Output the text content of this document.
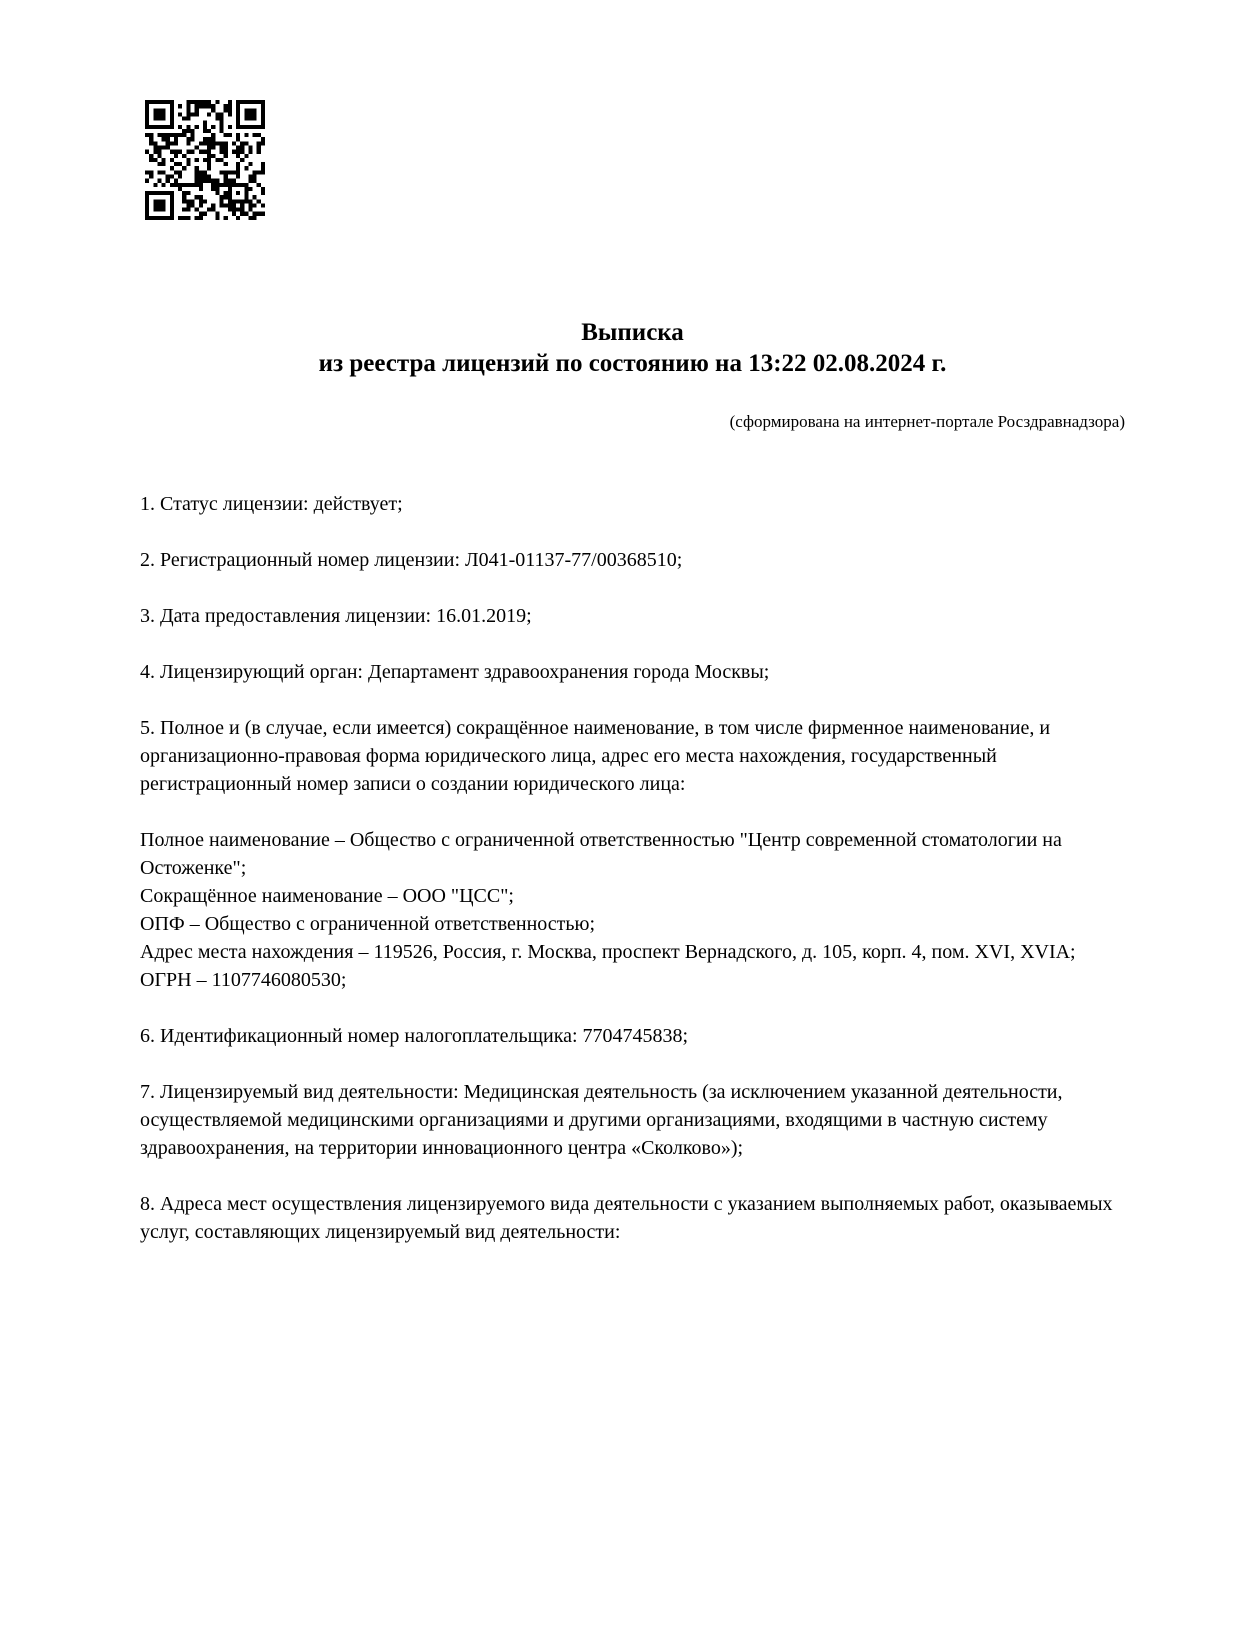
Выписка
из реестра лицензий по состоянию на 13:22 02.08.2024 г.
(сформирована на интернет-портале Росздравнадзора)
1. Статус лицензии: действует;
2. Регистрационный номер лицензии: Л041-01137-77/00368510;
3. Дата предоставления лицензии: 16.01.2019;
4. Лицензирующий орган: Департамент здравоохранения города Москвы;
5. Полное и (в случае, если имеется) сокращённое наименование, в том числе фирменное наименование, и организационно-правовая форма юридического лица, адрес его места нахождения, государственный регистрационный номер записи о создании юридического лица:
Полное наименование – Общество с ограниченной ответственностью "Центр современной стоматологии на Остоженке";
Сокращённое наименование – ООО "ЦСС";
ОПФ – Общество с ограниченной ответственностью;
Адрес места нахождения – 119526, Россия, г. Москва, проспект Вернадского, д. 105, корп. 4, пом. XVI, XVIA;
ОГРН – 1107746080530;
6. Идентификационный номер налогоплательщика: 7704745838;
7. Лицензируемый вид деятельности: Медицинская деятельность (за исключением указанной деятельности, осуществляемой медицинскими организациями и другими организациями, входящими в частную систему здравоохранения, на территории инновационного центра «Сколково»);
8. Адреса мест осуществления лицензируемого вида деятельности с указанием выполняемых работ, оказываемых услуг, составляющих лицензируемый вид деятельности:
